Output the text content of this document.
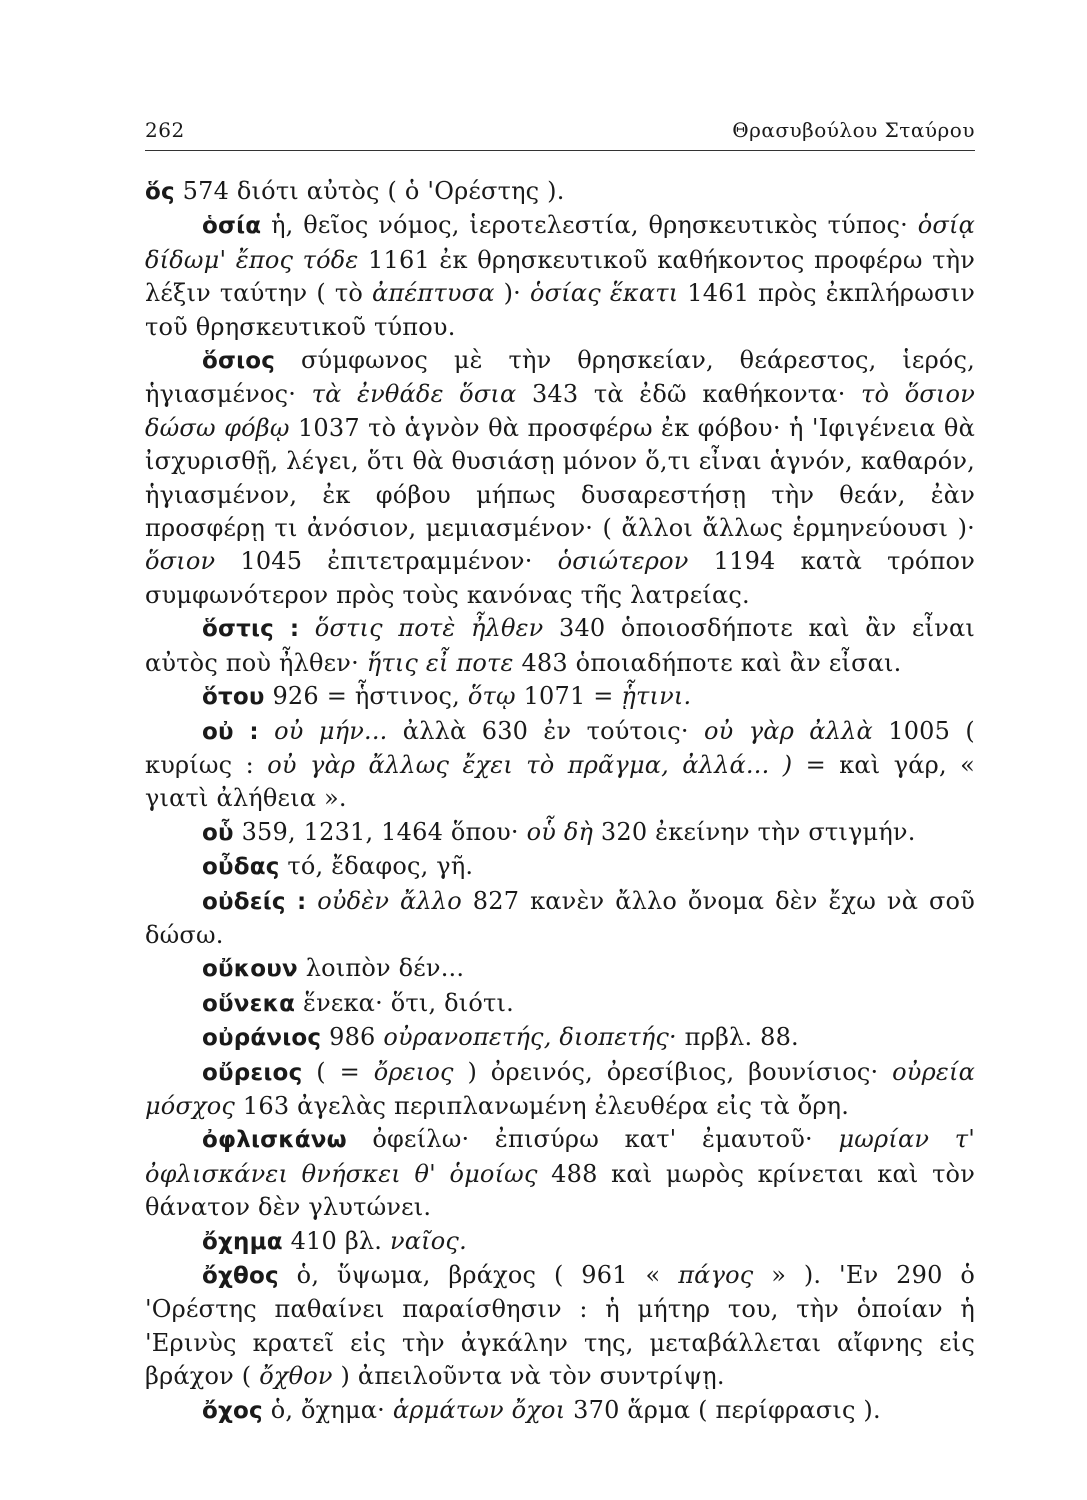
262	Θρασυβούλου Σταύρου

ὅς 574 διότι αὐτὸς ( ὁ 'Ορέστης ).

ὁσία ἡ, θεῖος νόμος, ἱεροτελεστία, θρησκευτικὸς τύπος· ὁσίᾳ δίδωμ' ἔπος τόδε 1161 ἐκ θρησκευτικοῦ καθήκοντος προφέρω τὴν λέξιν ταύτην ( τὸ ἀπέπτυσα )· ὁσίας ἕκατι 1461 πρὸς ἐκπλήρωσιν τοῦ θρησκευτικοῦ τύπου.

ὅσιος σύμφωνος μὲ τὴν θρησκείαν, θεάρεστος, ἱερός, ἡγιασμένος· τὰ ἐνθάδε ὅσια 343 τὰ ἐδῶ καθήκοντα· τὸ ὅσιον δώσω φόβῳ 1037 τὸ ἁγνὸν θὰ προσφέρω ἐκ φόβου· ἡ 'Ιφιγένεια θὰ ἰσχυρισθῇ, λέγει, ὅτι θὰ θυσιάσῃ μόνον ὅ,τι εἶναι ἁγνόν, καθαρόν, ἡγιασμένον, ἐκ φόβου μήπως δυσαρεστήσῃ τὴν θεάν, ἐὰν προσφέρῃ τι ἀνόσιον, μεμιασμένον· ( ἄλλοι ἄλλως ἑρμηνεύουσι )· ὅσιον 1045 ἐπιτετραμμένον· ὁσιώτερον 1194 κατὰ τρόπον συμφωνότερον πρὸς τοὺς κανόνας τῆς λατρείας.

ὅστις : ὅστις ποτὲ ἦλθεν 340 ὁποιοσδήποτε καὶ ἂν εἶναι αὐτὸς ποὺ ἦλθεν· ἥτις εἶ ποτε 483 ὁποιαδήποτε καὶ ἂν εἶσαι.

ὅτου 926 = ἧστινος, ὅτῳ 1071 = ᾗτινι.

οὐ : οὐ μήν... ἀλλὰ 630 ἐν τούτοις· οὐ γὰρ ἀλλὰ 1005 ( κυρίως : οὐ γὰρ ἄλλως ἔχει τὸ πρᾶγμα, ἀλλά... ) = καὶ γάρ, « γιατὶ ἀλήθεια ».

οὗ 359, 1231, 1464 ὅπου· οὗ δὴ 320 ἐκείνην τὴν στιγμήν.

οὖδας τό, ἔδαφος, γῆ.

οὐδείς : οὐδὲν ἄλλο 827 κανὲν ἄλλο ὄνομα δὲν ἔχω νὰ σοῦ δώσω.

οὔκουν λοιπὸν δέν...

οὕνεκα ἕνεκα· ὅτι, διότι.

οὐράνιος 986 οὐρανοπετής, διοπετής· πρβλ. 88.

οὔρειος ( = ὄρειος ) ὀρεινός, ὀρεσίβιος, βουνίσιος· οὐρεία μόσχος 163 ἀγελὰς περιπλανωμένη ἐλευθέρα εἰς τὰ ὄρη.

ὀφλισκάνω ὀφείλω· ἐπισύρω κατ' ἐμαυτοῦ· μωρίαν τ' ὀφλισκάνει θνήσκει θ' ὁμοίως 488 καὶ μωρὸς κρίνεται καὶ τὸν θάνατον δὲν γλυτώνει.

ὄχημα 410 βλ. ναῖος.

ὄχθος ὁ, ὕψωμα, βράχος ( 961 « πάγος » ). 'Εν 290 ὁ 'Ορέστης παθαίνει παραίσθησιν : ἡ μήτηρ του, τὴν ὁποίαν ἡ 'Ερινὺς κρατεῖ εἰς τὴν ἀγκάλην της, μεταβάλλεται αἴφνης εἰς βράχον ( ὄχθον ) ἀπειλοῦντα νὰ τὸν συντρίψῃ.

ὄχος ὁ, ὄχημα· ἁρμάτων ὄχοι 370 ἅρμα ( περίφρασις ).
